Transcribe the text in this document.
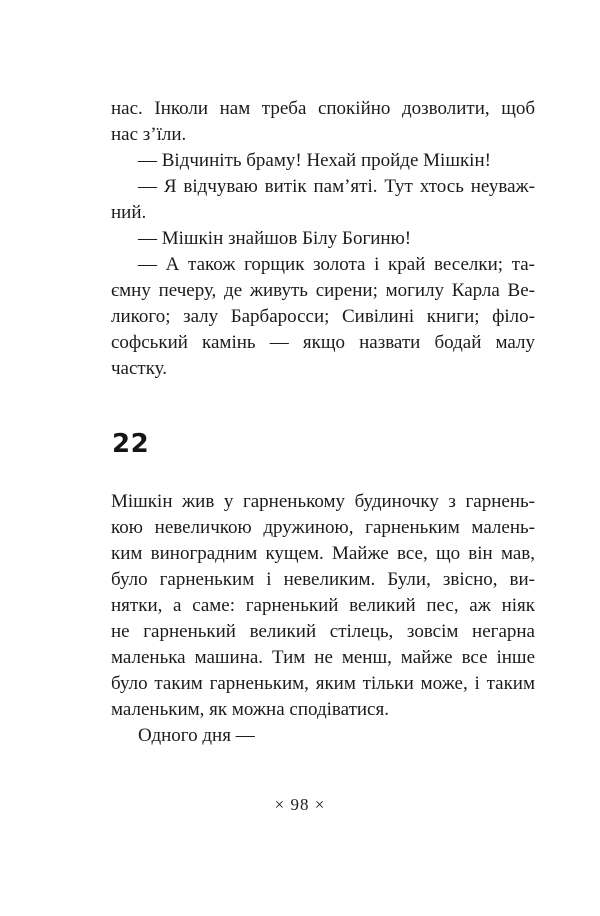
нас. Інколи нам треба спокійно дозволити, щоб
нас з’їли.
— Відчиніть браму! Нехай пройде Мішкін!
— Я відчуваю витік пам’яті. Тут хтось неуваж-
ний.
— Мішкін знайшов Білу Богиню!
— А також горщик золота і край веселки; та-
ємну печеру, де живуть сирени; могилу Карла Ве-
ликого; залу Барбаросси; Сивілині книги; філо-
софський камінь — якщо назвати бодай малу
частку.
22
Мішкін жив у гарненькому будиночку з гарнень-
кою невеличкою дружиною, гарненьким малень-
ким виноградним кущем. Майже все, що він мав,
було гарненьким і невеликим. Були, звісно, ви-
нятки, а саме: гарненький великий пес, аж ніяк
не гарненький великий стілець, зовсім негарна
маленька машина. Тим не менш, майже все інше
було таким гарненьким, яким тільки може, і таким
маленьким, як можна сподіватися.
Одного дня —
× 98 ×
